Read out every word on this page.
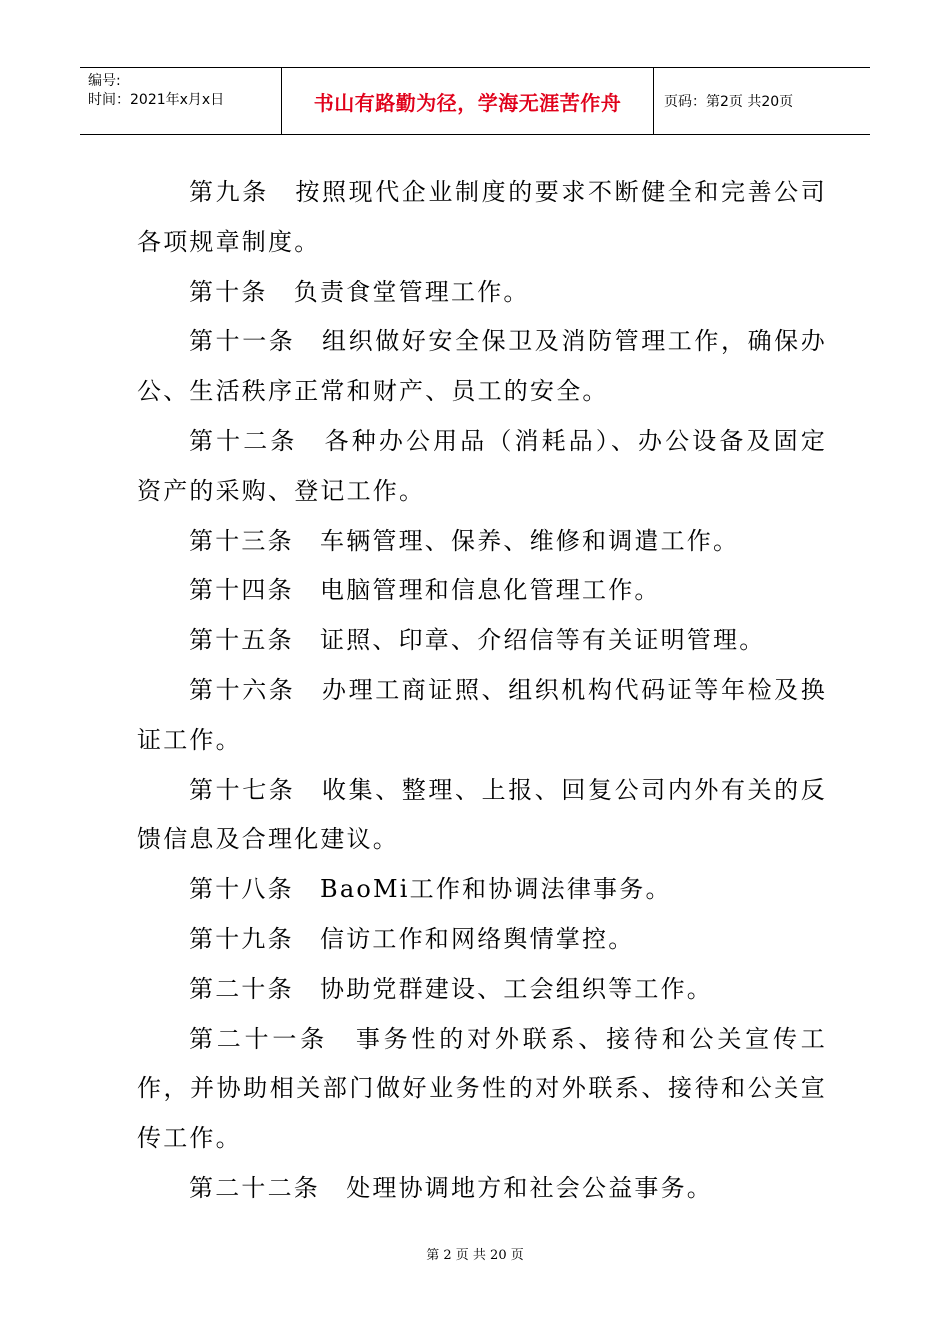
编号:
时间：2021年x月x日	书山有路勤为径，学海无涯苦作舟	页码：第2页 共20页

第九条　按照现代企业制度的要求不断健全和完善公司各项规章制度。

第十条　负责食堂管理工作。

第十一条　组织做好安全保卫及消防管理工作，确保办公、生活秩序正常和财产、员工的安全。

第十二条　各种办公用品（消耗品）、办公设备及固定资产的采购、登记工作。

第十三条　车辆管理、保养、维修和调遣工作。

第十四条　电脑管理和信息化管理工作。

第十五条　证照、印章、介绍信等有关证明管理。

第十六条　办理工商证照、组织机构代码证等年检及换证工作。

第十七条　收集、整理、上报、回复公司内外有关的反馈信息及合理化建议。

第十八条　BaoMi工作和协调法律事务。

第十九条　信访工作和网络舆情掌控。

第二十条　协助党群建设、工会组织等工作。

第二十一条　事务性的对外联系、接待和公关宣传工作，并协助相关部门做好业务性的对外联系、接待和公关宣传工作。

第二十二条　处理协调地方和社会公益事务。

第 2 页 共 20 页
